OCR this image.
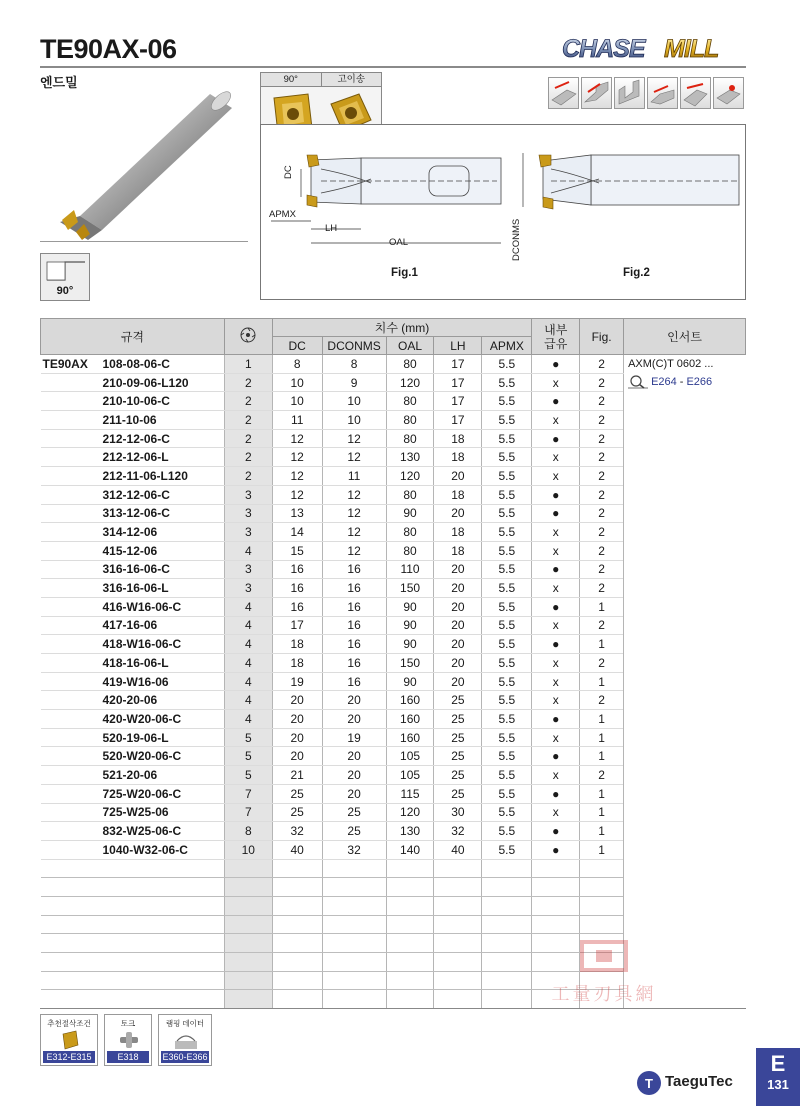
TE90AX-06	CHASE MILL
엔드밀
90°
90°	고이송
DC
APMX
LH
OAL	DCONMS
Fig.1	Fig.2
규격		치수 (mm)					내부
급유	Fig.	인서트
		DC	DCONMS	OAL	LH	APMX			
TE90AX 108-08-06-C	1	8	8	80	17	5.5	●	2	AXM(C)T 0602 ...
E264 - E266

210-09-06-L120	2	10	9	120	17	5.5	x	2	
210-10-06-C	2	10	10	80	17	5.5	●	2	
211-10-06	2	11	10	80	17	5.5	x	2	
212-12-06-C	2	12	12	80	18	5.5	●	2	
212-12-06-L	2	12	12	130	18	5.5	x	2	
212-11-06-L120	2	12	11	120	20	5.5	x	2	
312-12-06-C	3	12	12	80	18	5.5	●	2	
313-12-06-C	3	13	12	90	20	5.5	●	2	
314-12-06	3	14	12	80	18	5.5	x	2	
415-12-06	4	15	12	80	18	5.5	x	2	
316-16-06-C	3	16	16	110	20	5.5	●	2	
316-16-06-L	3	16	16	150	20	5.5	x	2	
416-W16-06-C	4	16	16	90	20	5.5	●	1	
417-16-06	4	17	16	90	20	5.5	x	2	
418-W16-06-C	4	18	16	90	20	5.5	●	1	
418-16-06-L	4	18	16	150	20	5.5	x	2	
419-W16-06	4	19	16	90	20	5.5	x	1	
420-20-06	4	20	20	160	25	5.5	x	2	
420-W20-06-C	4	20	20	160	25	5.5	●	1	
520-19-06-L	5	20	19	160	25	5.5	x	1	
520-W20-06-C	5	20	20	105	25	5.5	●	1	
521-20-06	5	21	20	105	25	5.5	x	2	
725-W20-06-C	7	25	20	115	25	5.5	●	1	
725-W25-06	7	25	25	120	30	5.5	x	1	
832-W25-06-C	8	32	25	130	32	5.5	●	1	
1040-W32-06-C	10	40	32	140	40	5.5	●	1	

추천절삭조건
E312-E315
토크
E318
램핑 데이터
E360-E366
工量刃具網
T TaeguTec
E
131
